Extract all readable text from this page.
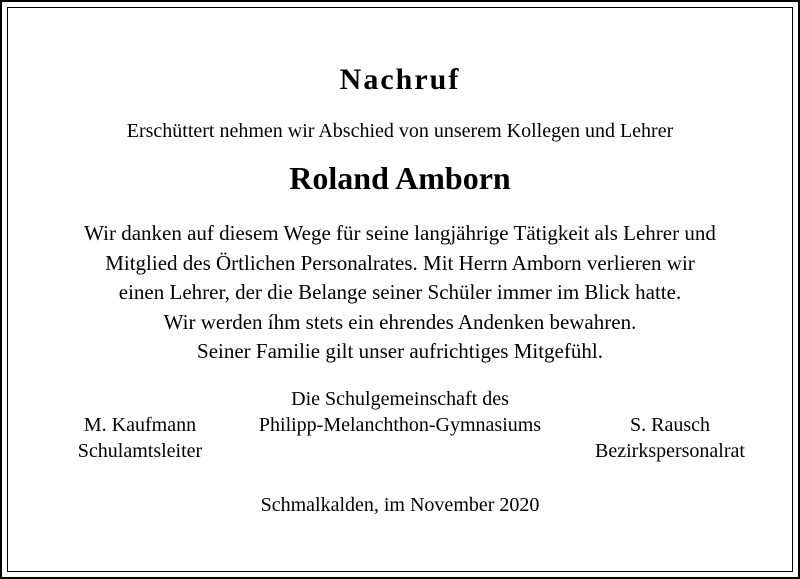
Nachruf
Erschüttert nehmen wir Abschied von unserem Kollegen und Lehrer
Roland Amborn
Wir danken auf diesem Wege für seine langjährige Tätigkeit als Lehrer und
Mitglied des Örtlichen Personalrates. Mit Herrn Amborn verlieren wir
einen Lehrer, der die Belange seiner Schüler immer im Blick hatte.
Wir werden íhm stets ein ehrendes Andenken bewahren.
Seiner Familie gilt unser aufrichtiges Mitgefühl.
Die Schulgemeinschaft des
Philipp-Melanchthon-Gymnasiums
M. Kaufmann
Schulamtsleiter
S. Rausch
Bezirkspersonalrat
Schmalkalden, im November 2020
